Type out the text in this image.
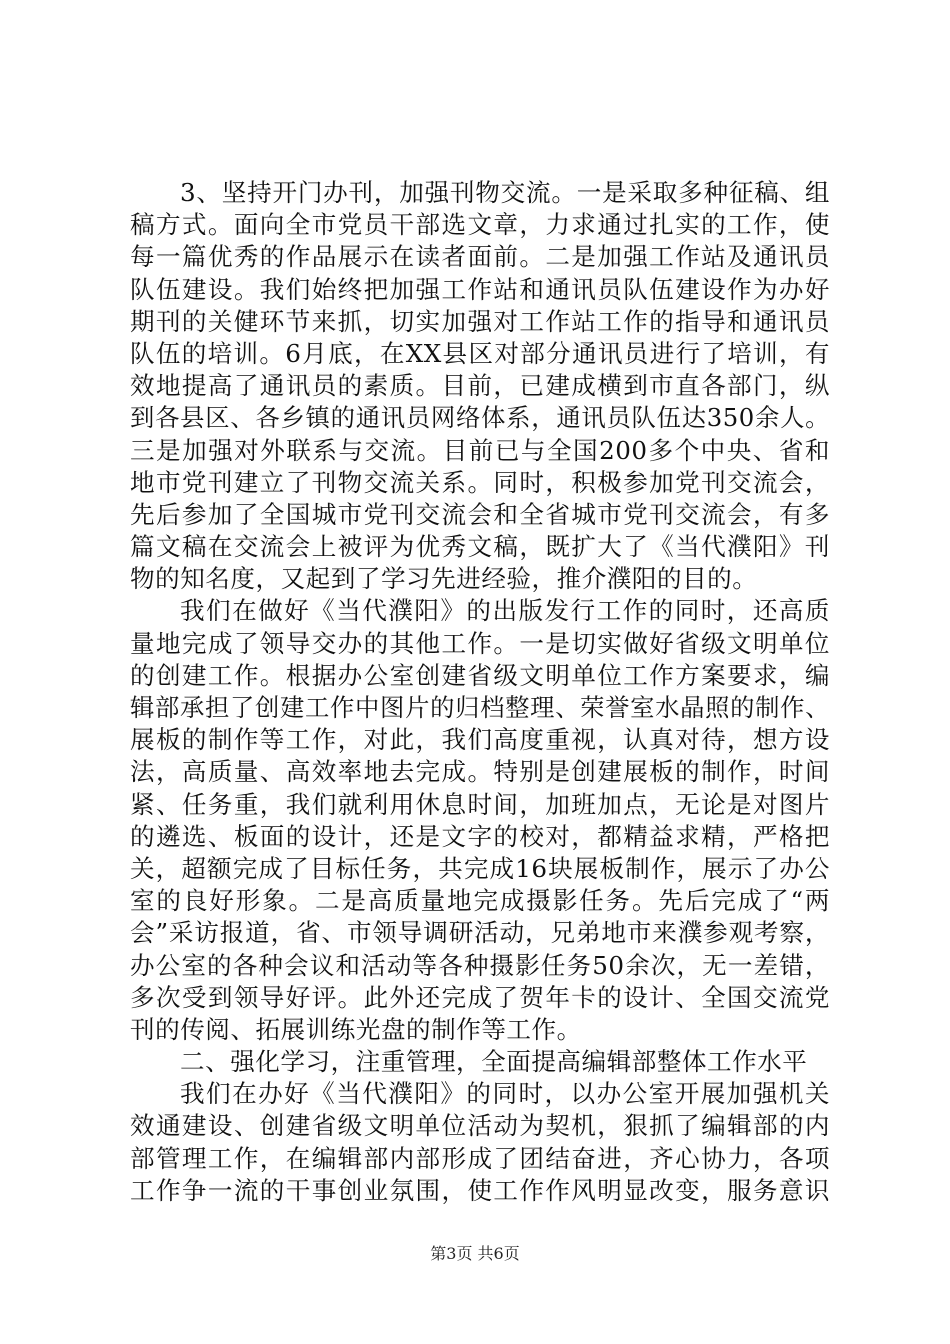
3、坚持开门办刊，加强刊物交流。一是采取多种征稿、组
稿方式。面向全市党员干部选文章，力求通过扎实的工作，使
每一篇优秀的作品展示在读者面前。二是加强工作站及通讯员
队伍建设。我们始终把加强工作站和通讯员队伍建设作为办好
期刊的关健环节来抓，切实加强对工作站工作的指导和通讯员
队伍的培训。6月底，在XX县区对部分通讯员进行了培训，有
效地提高了通讯员的素质。目前，已建成横到市直各部门，纵
到各县区、各乡镇的通讯员网络体系，通讯员队伍达350余人。
三是加强对外联系与交流。目前已与全国200多个中央、省和
地市党刊建立了刊物交流关系。同时，积极参加党刊交流会，
先后参加了全国城市党刊交流会和全省城市党刊交流会，有多
篇文稿在交流会上被评为优秀文稿，既扩大了《当代濮阳》刊
物的知名度，又起到了学习先进经验，推介濮阳的目的。
我们在做好《当代濮阳》的出版发行工作的同时，还高质
量地完成了领导交办的其他工作。一是切实做好省级文明单位
的创建工作。根据办公室创建省级文明单位工作方案要求，编
辑部承担了创建工作中图片的归档整理、荣誉室水晶照的制作、
展板的制作等工作，对此，我们高度重视，认真对待，想方设
法，高质量、高效率地去完成。特别是创建展板的制作，时间
紧、任务重，我们就利用休息时间，加班加点，无论是对图片
的遴选、板面的设计，还是文字的校对，都精益求精，严格把
关，超额完成了目标任务，共完成16块展板制作，展示了办公
室的良好形象。二是高质量地完成摄影任务。先后完成了“两
会”采访报道，省、市领导调研活动，兄弟地市来濮参观考察，
办公室的各种会议和活动等各种摄影任务50余次，无一差错，
多次受到领导好评。此外还完成了贺年卡的设计、全国交流党
刊的传阅、拓展训练光盘的制作等工作。
二、强化学习，注重管理，全面提高编辑部整体工作水平
我们在办好《当代濮阳》的同时，以办公室开展加强机关
效通建设、创建省级文明单位活动为契机，狠抓了编辑部的内
部管理工作，在编辑部内部形成了团结奋进，齐心协力，各项
工作争一流的干事创业氛围，使工作作风明显改变，服务意识
第3页 共6页
